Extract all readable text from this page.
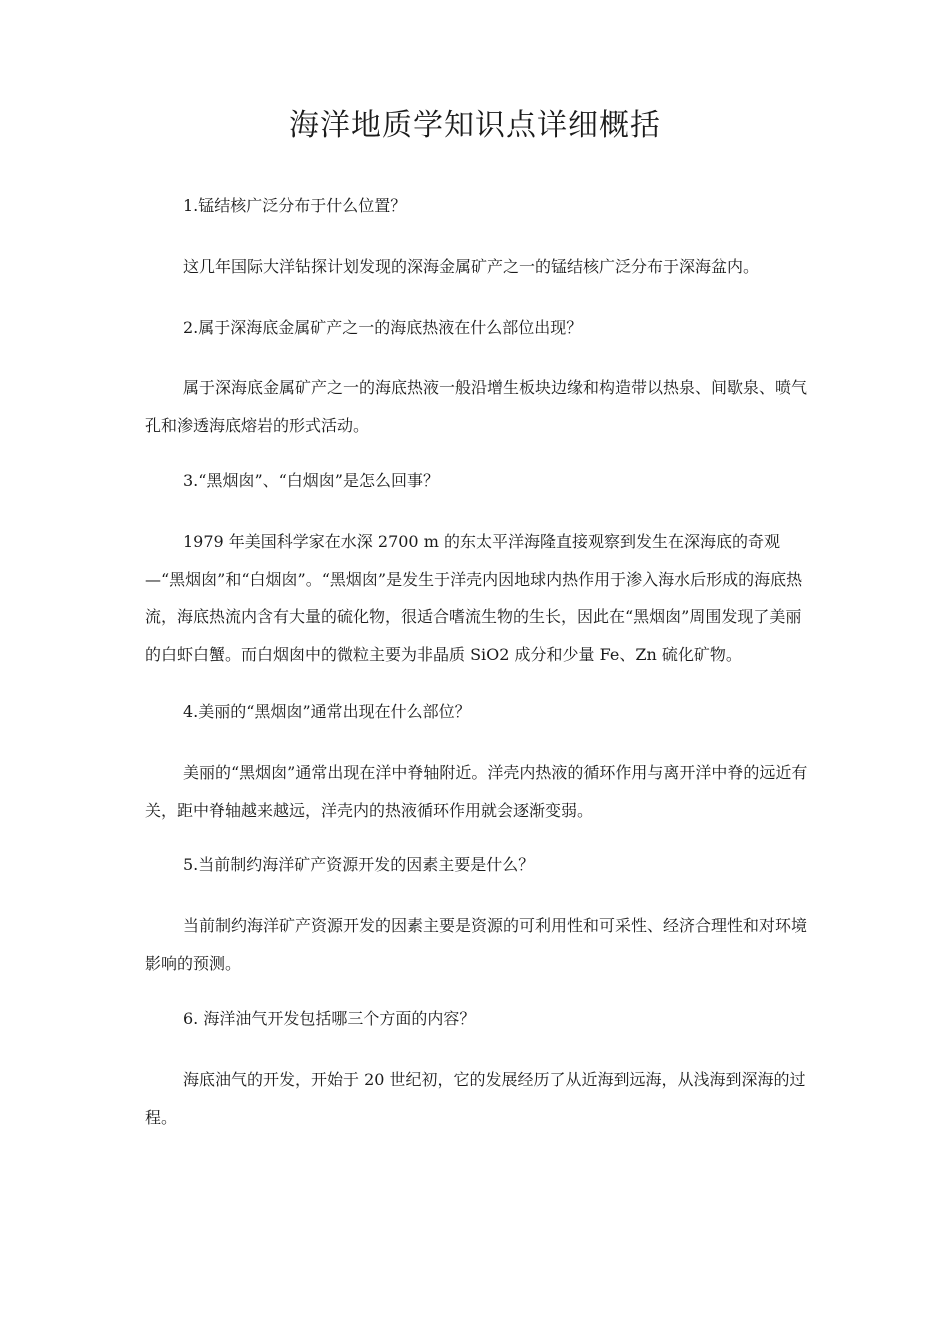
海洋地质学知识点详细概括

1.锰结核广泛分布于什么位置？

这几年国际大洋钻探计划发现的深海金属矿产之一的锰结核广泛分布于深海盆内。

2.属于深海底金属矿产之一的海底热液在什么部位出现？

属于深海底金属矿产之一的海底热液一般沿增生板块边缘和构造带以热泉、间歇泉、喷气孔和渗透海底熔岩的形式活动。

3.“黑烟囱”、“白烟囱”是怎么回事？

1979 年美国科学家在水深 2700 m 的东太平洋海隆直接观察到发生在深海底的奇观—“黑烟囱”和“白烟囱”。“黑烟囱”是发生于洋壳内因地球内热作用于渗入海水后形成的海底热流，海底热流内含有大量的硫化物，很适合嗜流生物的生长，因此在“黑烟囱”周围发现了美丽的白虾白蟹。而白烟囱中的微粒主要为非晶质 SiO2 成分和少量 Fe、Zn 硫化矿物。

4.美丽的“黑烟囱”通常出现在什么部位？

美丽的“黑烟囱”通常出现在洋中脊轴附近。洋壳内热液的循环作用与离开洋中脊的远近有关，距中脊轴越来越远，洋壳内的热液循环作用就会逐渐变弱。

5.当前制约海洋矿产资源开发的因素主要是什么？

当前制约海洋矿产资源开发的因素主要是资源的可利用性和可采性、经济合理性和对环境影响的预测。

6. 海洋油气开发包括哪三个方面的内容？

海底油气的开发，开始于 20 世纪初，它的发展经历了从近海到远海，从浅海到深海的过程。
